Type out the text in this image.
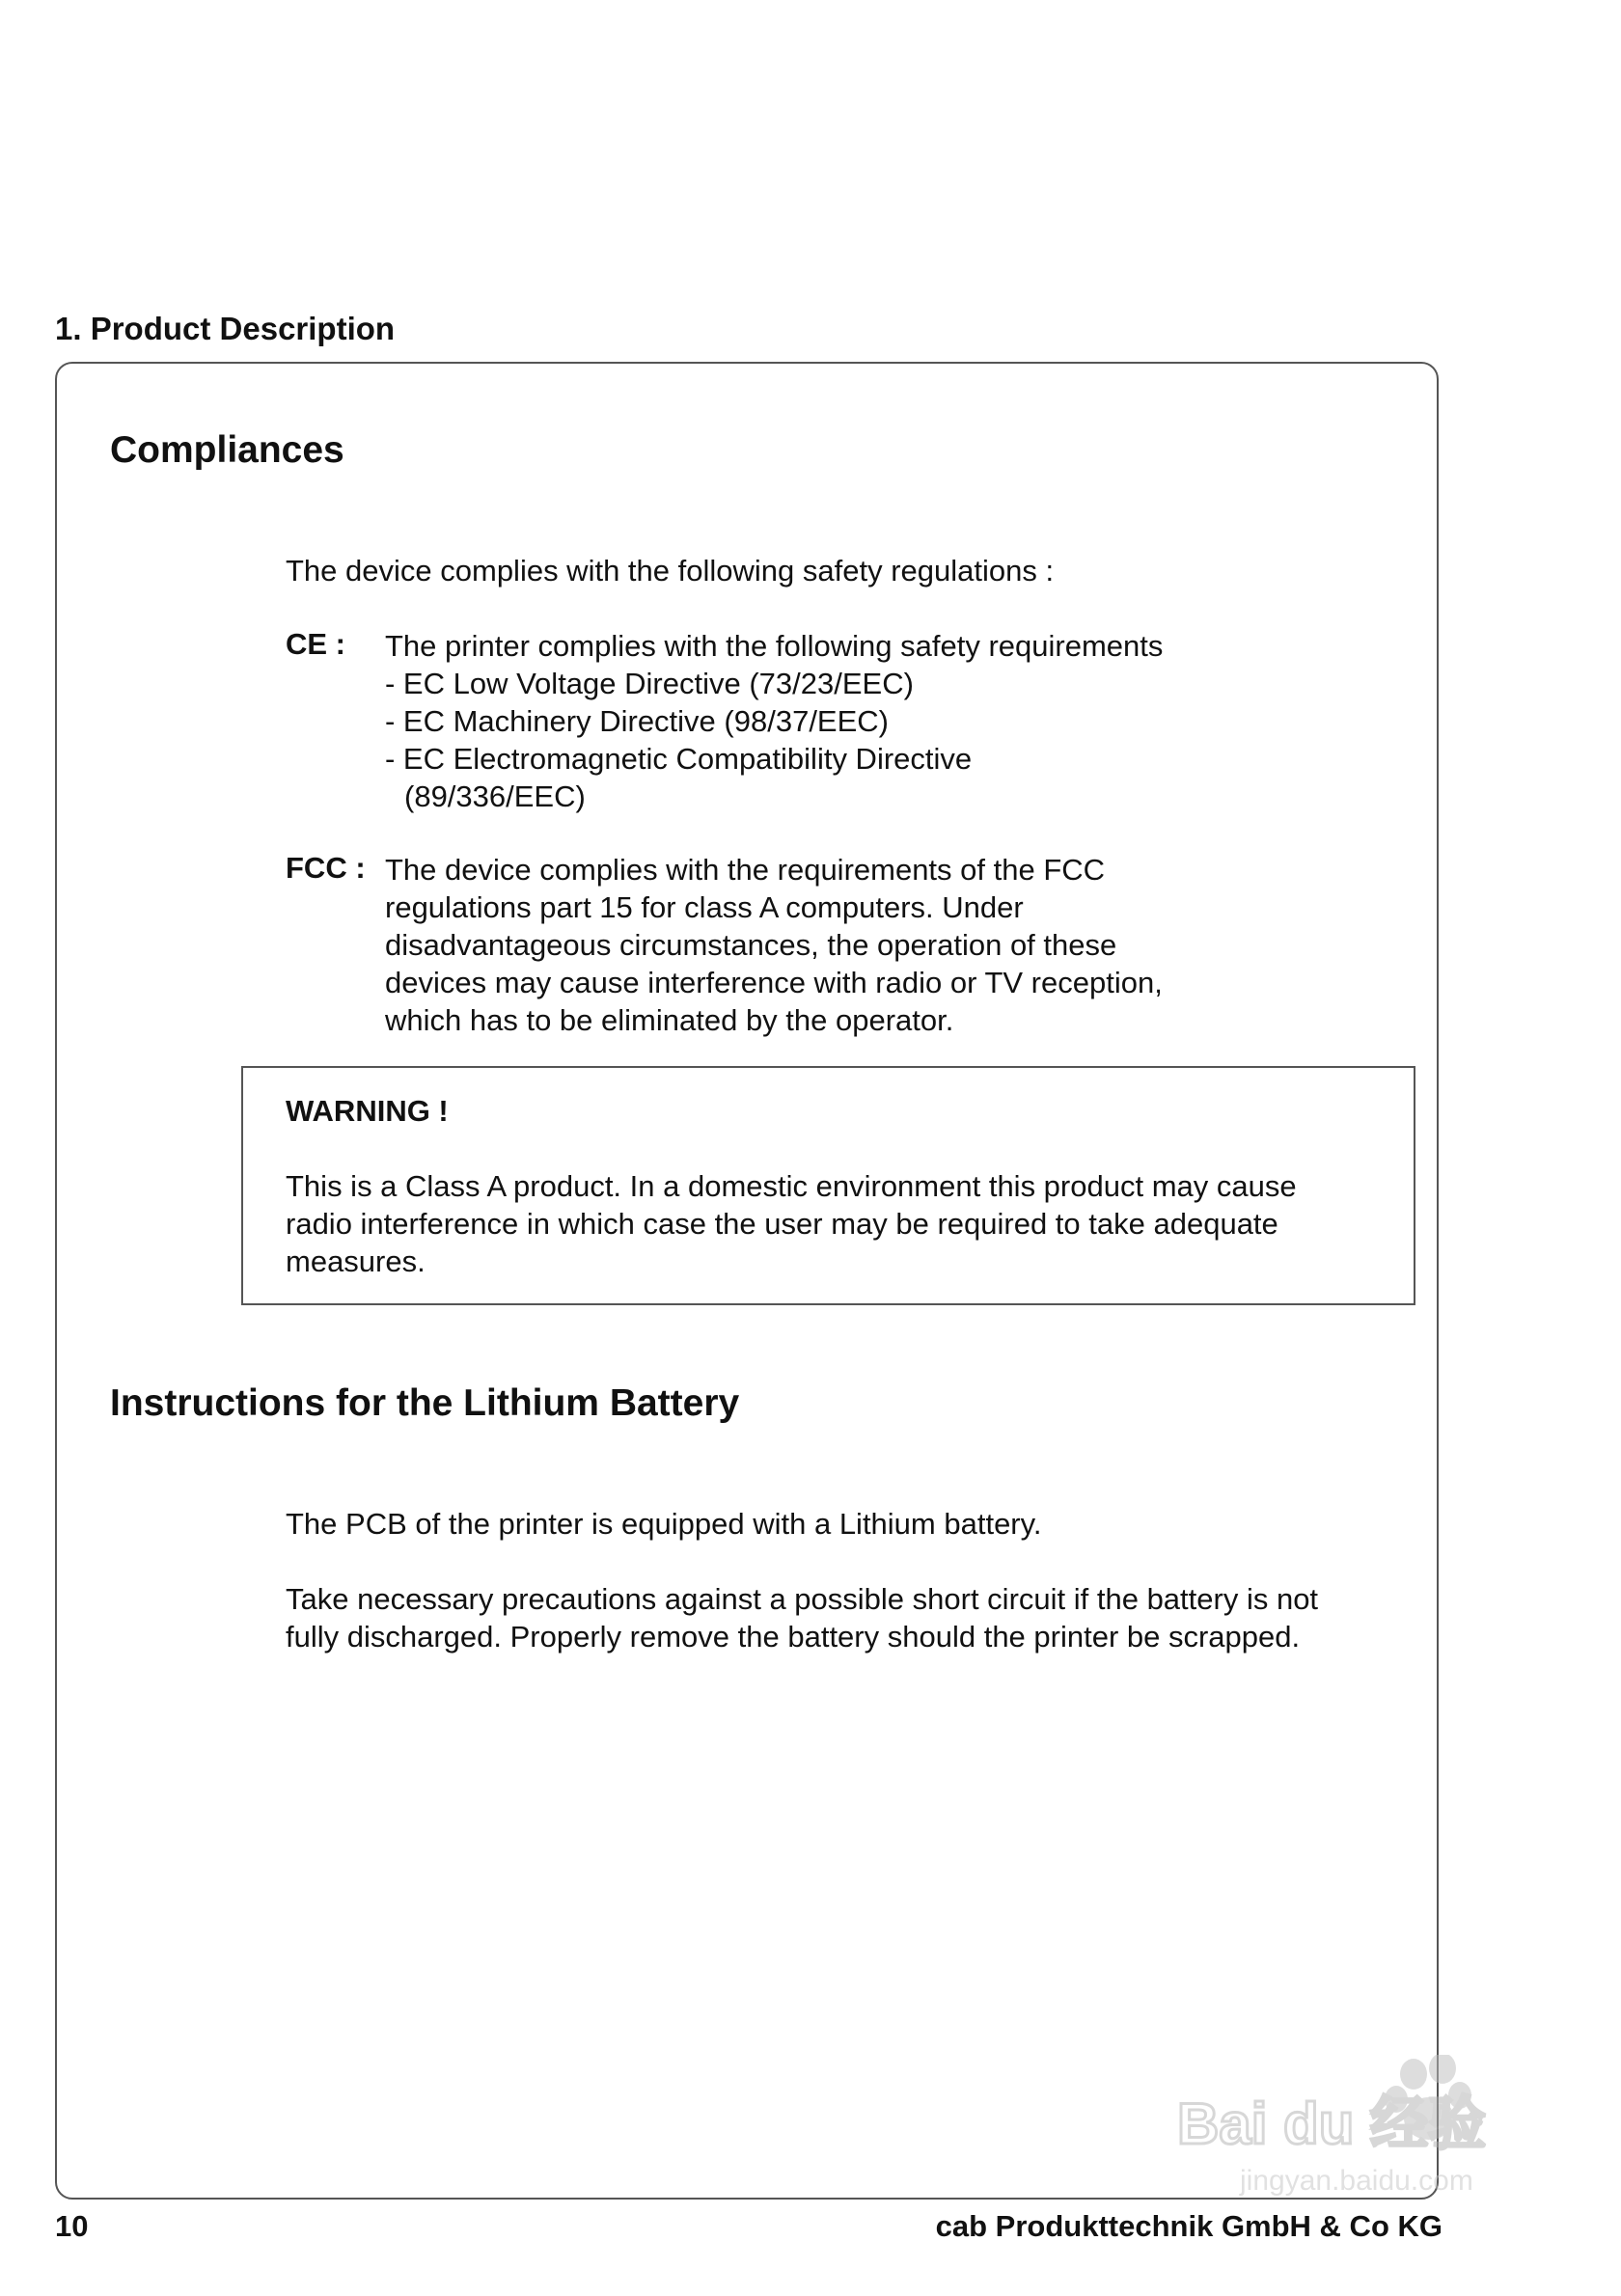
1. Product Description
Compliances
The device complies with the following safety regulations :
CE : The printer complies with the following safety requirements
- EC Low Voltage Directive (73/23/EEC)
- EC Machinery Directive (98/37/EEC)
- EC Electromagnetic Compatibility Directive
(89/336/EEC)
FCC : The device complies with the requirements of the FCC
regulations part 15 for class A computers. Under
disadvantageous circumstances, the operation of these
devices may cause interference with radio or TV reception,
which has to be eliminated by the operator.
WARNING !
This is a Class A product. In a domestic environment this product may cause
radio interference in which case the user may be required to take adequate
measures.
Instructions for the Lithium Battery
The PCB of the printer is equipped with a Lithium battery.
Take necessary precautions against a possible short circuit if the battery is not
fully discharged. Properly remove the battery should the printer be scrapped.
Bai du 经验
jingyan.baidu.com
10	cab Produkttechnik GmbH & Co KG
